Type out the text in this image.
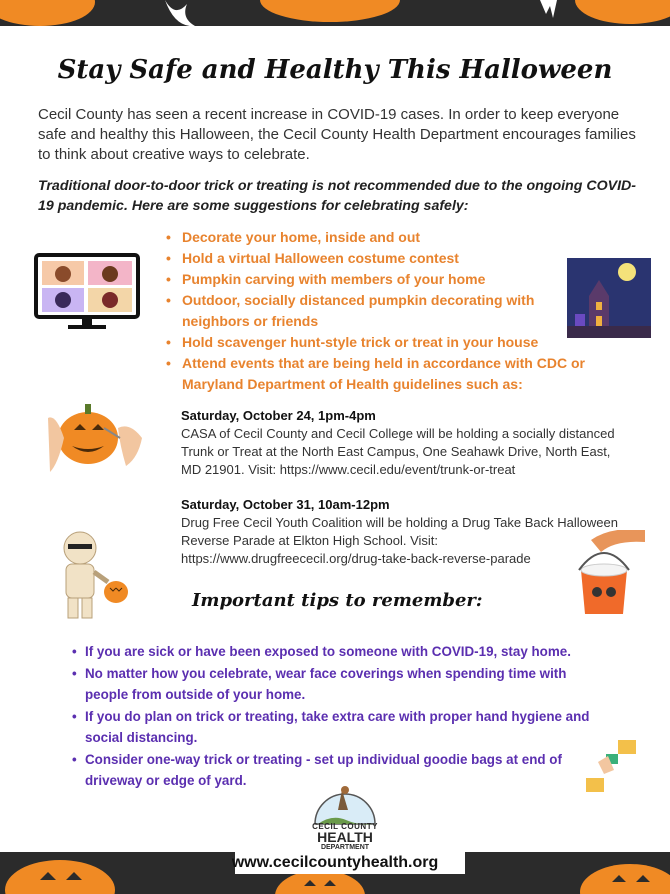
Stay Safe and Healthy This Halloween

Cecil County has seen a recent increase in COVID-19 cases. In order to keep everyone safe and healthy this Halloween, the Cecil County Health Department encourages families to think about creative ways to celebrate.

Traditional door-to-door trick or treating is not recommended due to the ongoing COVID-19 pandemic. Here are some suggestions for celebrating safely:

• Decorate your home, inside and out
• Hold a virtual Halloween costume contest
• Pumpkin carving with members of your home
• Outdoor, socially distanced pumpkin decorating with neighbors or friends
• Hold scavenger hunt-style trick or treat in your house
• Attend events that are being held in accordance with CDC or Maryland Department of Health guidelines such as:
Saturday, October 24, 1pm-4pm
CASA of Cecil County and Cecil College will be holding a socially distanced Trunk or Treat at the North East Campus, One Seahawk Drive, North East, MD 21901. Visit: https://www.cecil.edu/event/trunk-or-treat
Saturday, October 31, 10am-12pm
Drug Free Cecil Youth Coalition will be holding a Drug Take Back Halloween Reverse Parade at Elkton High School. Visit: https://www.drugfreececil.org/drug-take-back-reverse-parade
Important tips to remember:
• If you are sick or have been exposed to someone with COVID-19, stay home.
• No matter how you celebrate, wear face coverings when spending time with people from outside of your home.
• If you do plan on trick or treating, take extra care with proper hand hygiene and social distancing.
• Consider one-way trick or treating - set up individual goodie bags at end of driveway or edge of yard.
CECIL COUNTY
HEALTH
DEPARTMENT
www.cecilcountyhealth.org
